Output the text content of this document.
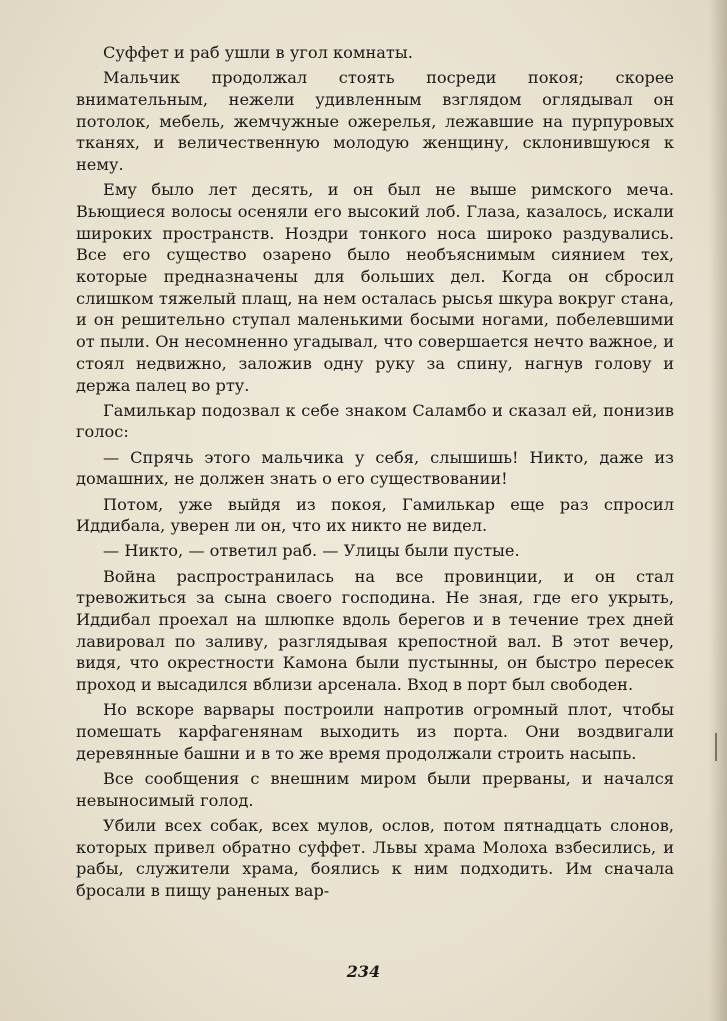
Суффет и раб ушли в угол комнаты.

Мальчик продолжал стоять посреди покоя; скорее внимательным, нежели удивленным взглядом оглядывал он потолок, мебель, жемчужные ожерелья, лежавшие на пурпуровых тканях, и величественную молодую женщину, склонившуюся к нему.

Ему было лет десять, и он был не выше римского меча. Вьющиеся волосы осеняли его высокий лоб. Глаза, казалось, искали широких пространств. Ноздри тонкого носа широко раздувались. Все его существо озарено было необъяснимым сиянием тех, которые предназначены для больших дел. Когда он сбросил слишком тяжелый плащ, на нем осталась рысья шкура вокруг стана, и он решительно ступал маленькими босыми ногами, побелевшими от пыли. Он несомненно угадывал, что совершается нечто важное, и стоял недвижно, заложив одну руку за спину, нагнув голову и держа палец во рту.

Гамилькар подозвал к себе знаком Саламбо и сказал ей, понизив голос:

— Спрячь этого мальчика у себя, слышишь! Никто, даже из домашних, не должен знать о его существовании!

Потом, уже выйдя из покоя, Гамилькар еще раз спросил Иддибала, уверен ли он, что их никто не видел.

— Никто, — ответил раб. — Улицы были пустые.

Война распространилась на все провинции, и он стал тревожиться за сына своего господина. Не зная, где его укрыть, Иддибал проехал на шлюпке вдоль берегов и в течение трех дней лавировал по заливу, разглядывая крепостной вал. В этот вечер, видя, что окрестности Камона были пустынны, он быстро пересек проход и высадился вблизи арсенала. Вход в порт был свободен.

Но вскоре варвары построили напротив огромный плот, чтобы помешать карфагенянам выходить из порта. Они воздвигали деревянные башни и в то же время продолжали строить насыпь.

Все сообщения с внешним миром были прерваны, и начался невыносимый голод.

Убили всех собак, всех мулов, ослов, потом пятнадцать слонов, которых привел обратно суффет. Львы храма Молоха взбесились, и рабы, служители храма, боялись к ним подходить. Им сначала бросали в пищу раненых вар-

234
